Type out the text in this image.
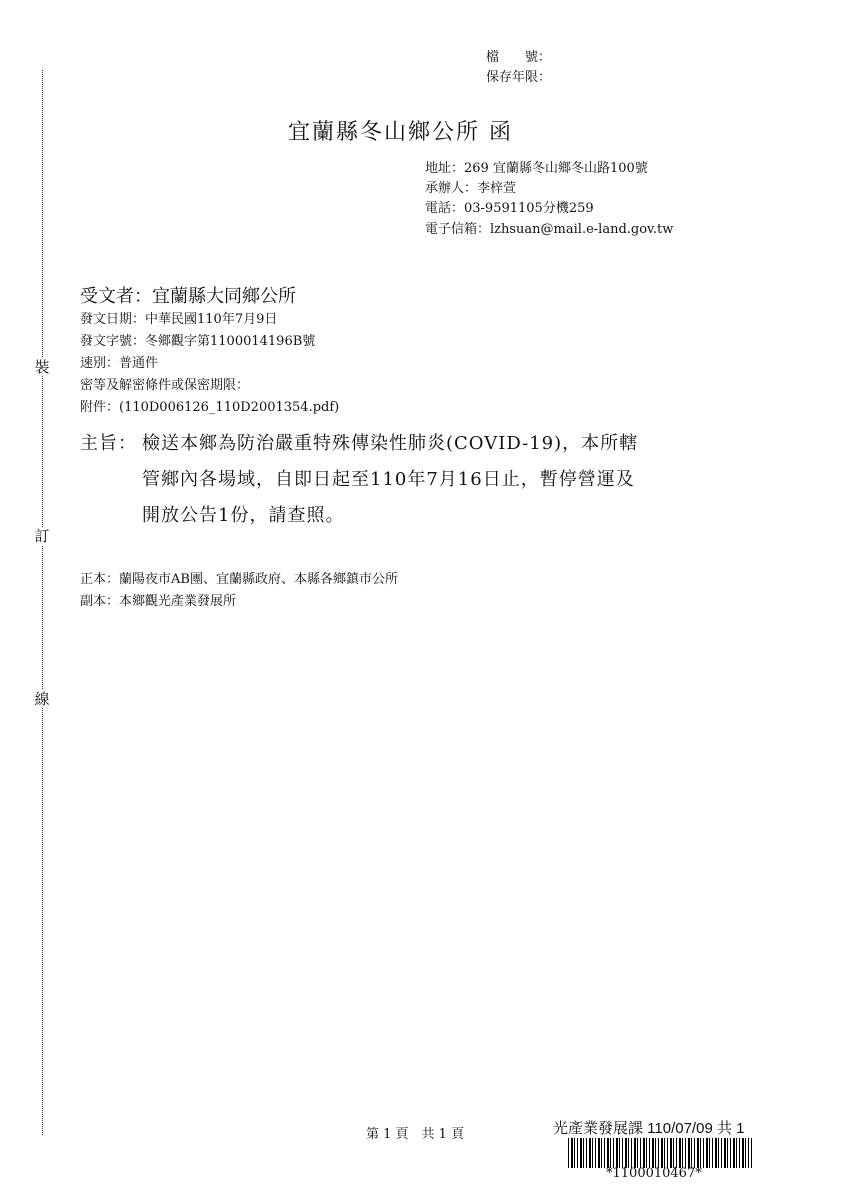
裝
訂
線
檔　　號：
保存年限：
宜蘭縣冬山鄉公所 函
地址：269 宜蘭縣冬山鄉冬山路100號
承辦人：李梓萱
電話：03-9591105分機259
電子信箱：lzhsuan@mail.e-land.gov.tw
受文者：宜蘭縣大同鄉公所
發文日期：中華民國110年7月9日
發文字號：冬鄉觀字第1100014196B號
速別：普通件
密等及解密條件或保密期限：
附件：(110D006126_110D2001354.pdf)
主旨： 檢送本鄉為防治嚴重特殊傳染性肺炎(COVID-19)，本所轄
管鄉內各場域，自即日起至110年7月16日止，暫停營運及
開放公告1份，請查照。
正本：蘭陽夜市AB團、宜蘭縣政府、本縣各鄉鎮市公所
副本：本鄉觀光產業發展所
第 1 頁　共 1 頁	光產業發展課 110/07/09 共 1
*1100010467*
